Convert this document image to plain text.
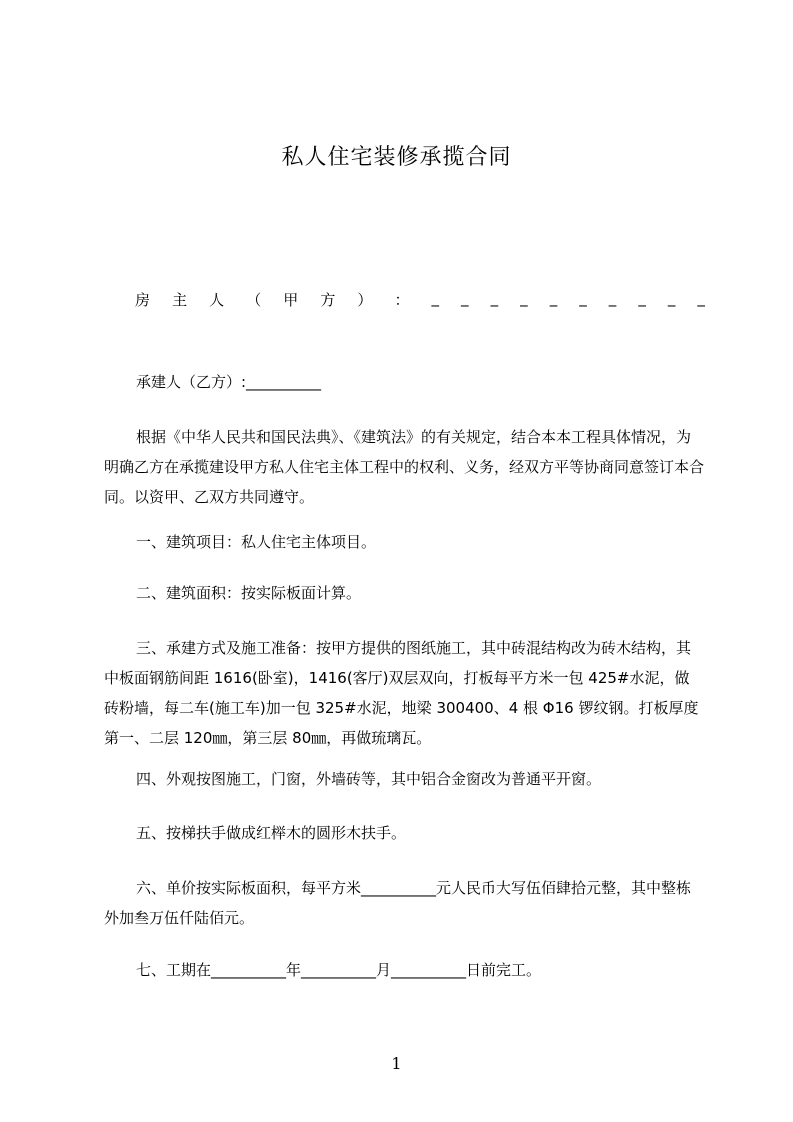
私人住宅装修承揽合同
房 主 人 （ 甲 方 ） ： _ _ _ _ _ _ _ _ _ _
承建人（乙方）:__________
根据《中华人民共和国民法典》、《建筑法》的有关规定，结合本本工程具体情况，为明确乙方在承揽建设甲方私人住宅主体工程中的权利、义务，经双方平等协商同意签订本合同。以资甲、乙双方共同遵守。
一、建筑项目：私人住宅主体项目。
二、建筑面积：按实际板面计算。
三、承建方式及施工准备：按甲方提供的图纸施工，其中砖混结构改为砖木结构，其中板面钢筋间距 1616(卧室)，1416(客厅)双层双向，打板每平方米一包 425#水泥，做砖粉墙，每二车(施工车)加一包 325#水泥，地梁 300400、4 根 Φ16 锣纹钢。打板厚度第一、二层 120㎜，第三层 80㎜，再做琉璃瓦。
四、外观按图施工，门窗，外墙砖等，其中铝合金窗改为普通平开窗。
五、按梯扶手做成红榉木的圆形木扶手。
六、单价按实际板面积，每平方米__________元人民币大写伍佰肆拾元整，其中整栋外加叁万伍仟陆佰元。
七、工期在__________年__________月__________日前完工。
1
